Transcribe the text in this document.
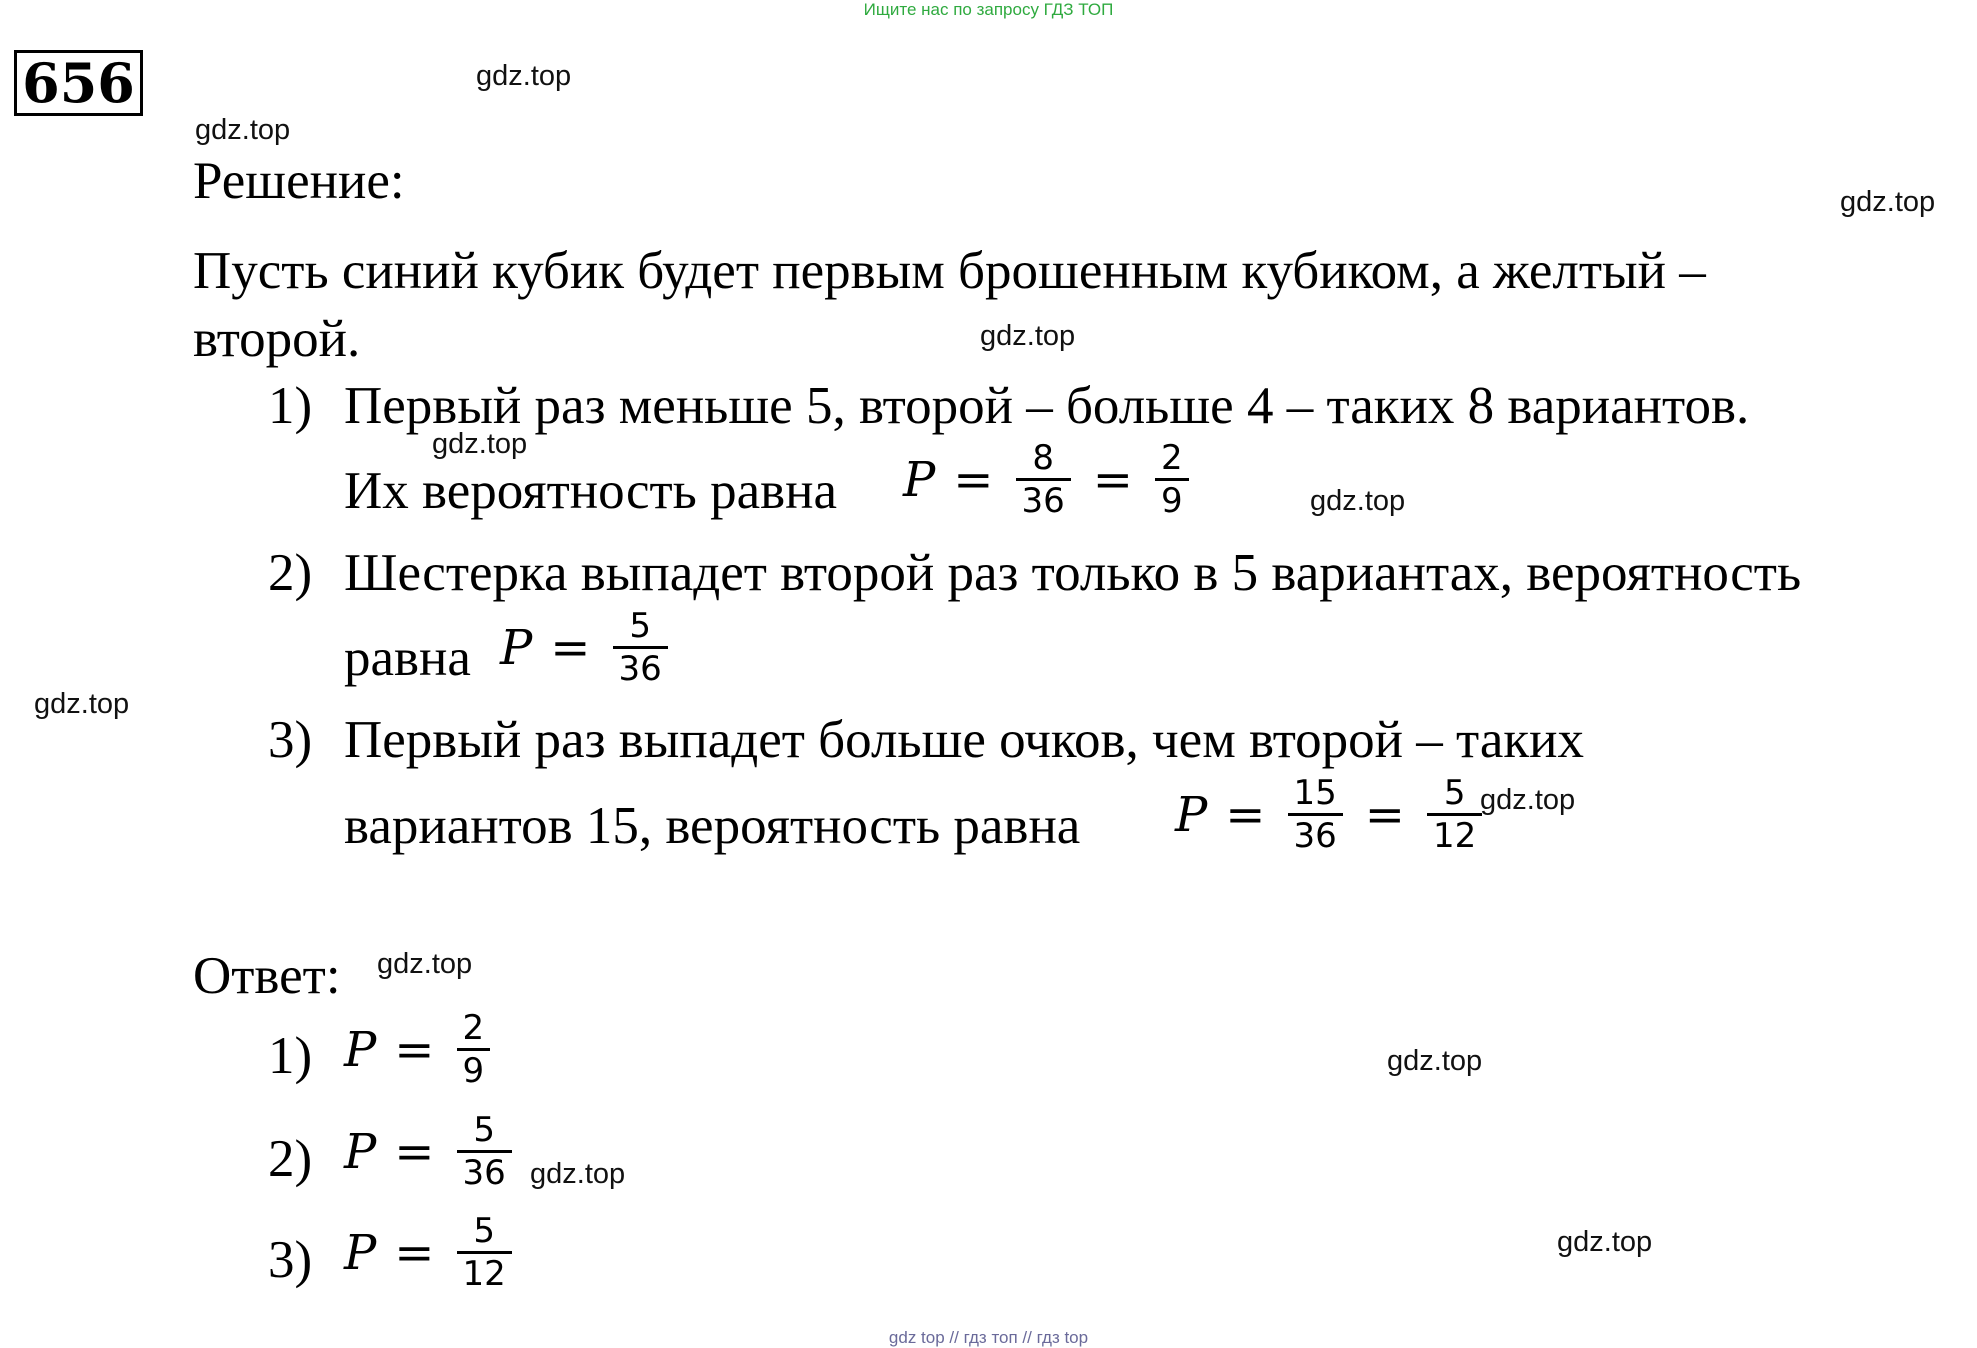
Ищите нас по запросу ГДЗ ТОП
656	gdz.top
gdz.top
gdz.top
gdz.top
gdz.top
gdz.top
gdz.top
gdz.top
gdz.top
gdz.top
gdz.top
gdz.top
Решение:
Пусть синий кубик будет первым брошенным кубиком, а желтый –
второй.
1) Первый раз меньше 5, второй – больше 4 – таких 8 вариантов.
Их вероятность равна $P = \frac{8}{36} = \frac{2}{9}$
2) Шестерка выпадет второй раз только в 5 вариантах, вероятность
равна $P = \frac{5}{36}$
3) Первый раз выпадет больше очков, чем второй – таких
вариантов 15, вероятность равна $P = \frac{15}{36} = \frac{5}{12}$
Ответ:
1) $P = \frac{2}{9}$
2) $P = \frac{5}{36}$
3) $P = \frac{5}{12}$
gdz top // гдз топ // гдз top
